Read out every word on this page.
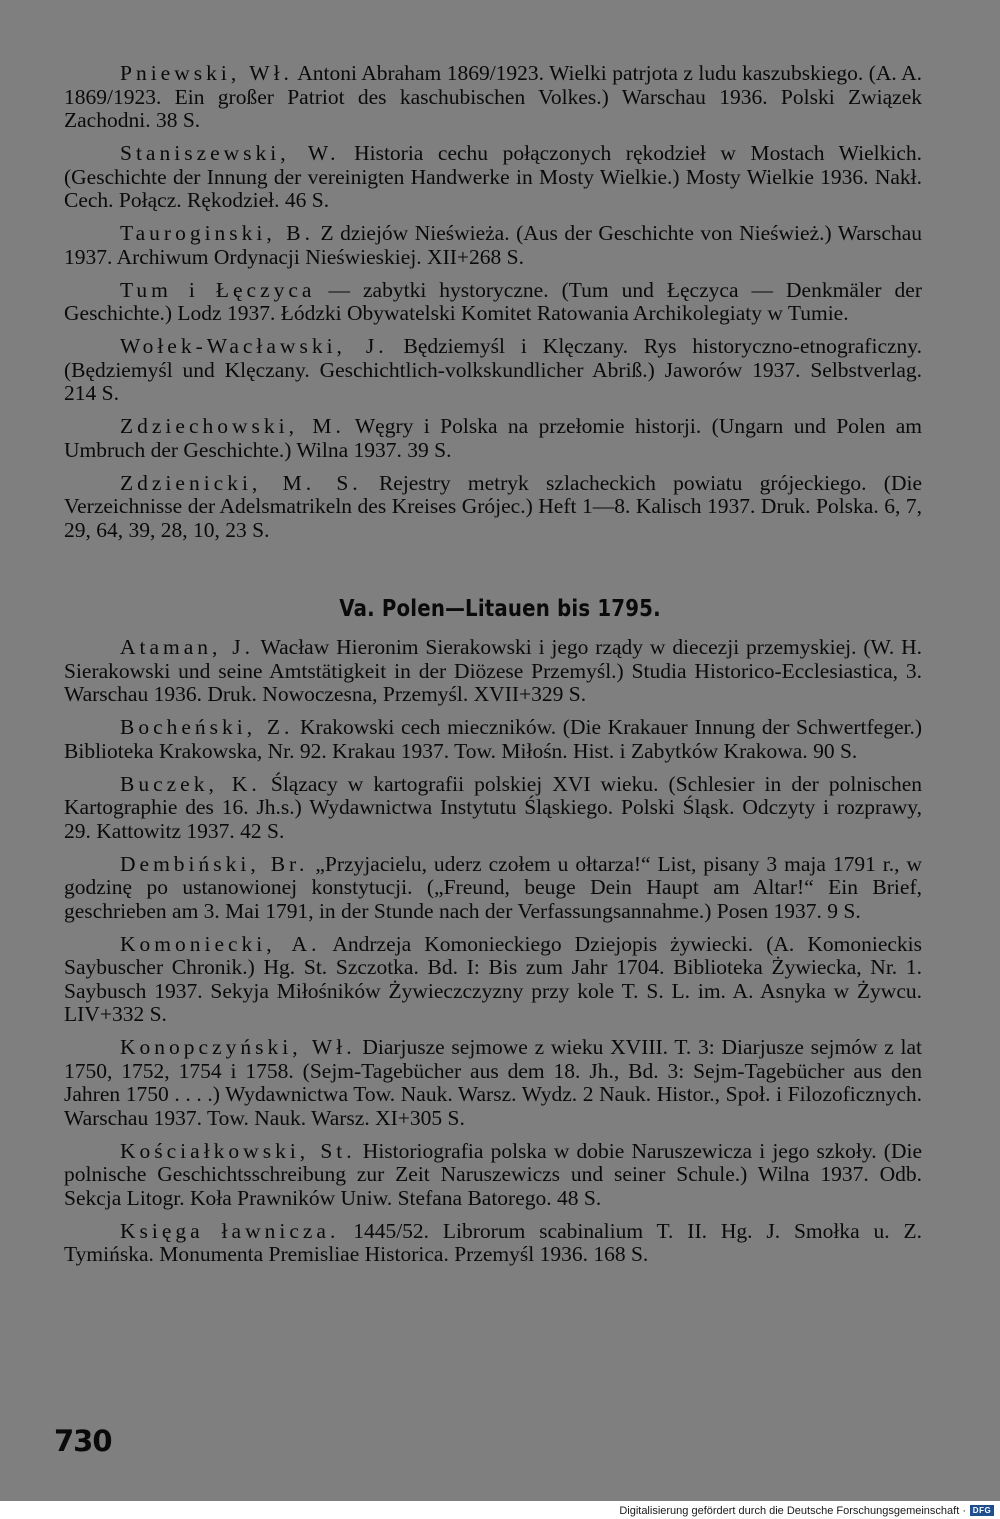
Pniewski, Wł. Antoni Abraham 1869/1923. Wielki patrjota z ludu kaszubskiego. (A. A. 1869/1923. Ein großer Patriot des kaschubischen Volkes.) Warschau 1936. Polski Związek Zachodni. 38 S.

Staniszewski, W. Historia cechu połączonych rękodzieł w Mostach Wielkich. (Geschichte der Innung der vereinigten Handwerke in Mosty Wielkie.) Mosty Wielkie 1936. Nakł. Cech. Połącz. Rękodzieł. 46 S.

Tauroginski, B. Z dziejów Nieświeża. (Aus der Geschichte von Nieśwież.) Warschau 1937. Archiwum Ordynacji Nieświeskiej. XII+268 S.

Tum i Łęczyca — zabytki hystoryczne. (Tum und Łęczyca — Denkmäler der Geschichte.) Lodz 1937. Łódzki Obywatelski Komitet Ratowania Archikolegiaty w Tumie.

Wołek-Wacławski, J. Będziemyśl i Klęczany. Rys historyczno-etnograficzny. (Będziemyśl und Klęczany. Geschichtlich-volkskundlicher Abriß.) Jaworów 1937. Selbstverlag. 214 S.

Zdziechowski, M. Węgry i Polska na przełomie historji. (Ungarn und Polen am Umbruch der Geschichte.) Wilna 1937. 39 S.

Zdzienicki, M. S. Rejestry metryk szlacheckich powiatu grójeckiego. (Die Verzeichnisse der Adelsmatrikeln des Kreises Grójec.) Heft 1—8. Kalisch 1937. Druk. Polska. 6, 7, 29, 64, 39, 28, 10, 23 S.

Va. Polen—Litauen bis 1795.

Ataman, J. Wacław Hieronim Sierakowski i jego rządy w diecezji przemyskiej. (W. H. Sierakowski und seine Amtstätigkeit in der Diözese Przemyśl.) Studia Historico-Ecclesiastica, 3. Warschau 1936. Druk. Nowoczesna, Przemyśl. XVII+329 S.

Bocheński, Z. Krakowski cech mieczników. (Die Krakauer Innung der Schwertfeger.) Biblioteka Krakowska, Nr. 92. Krakau 1937. Tow. Miłośn. Hist. i Zabytków Krakowa. 90 S.

Buczek, K. Ślązacy w kartografii polskiej XVI wieku. (Schlesier in der polnischen Kartographie des 16. Jh.s.) Wydawnictwa Instytutu Śląskiego. Polski Śląsk. Odczyty i rozprawy, 29. Kattowitz 1937. 42 S.

Dembiński, Br. „Przyjacielu, uderz czołem u ołtarza!“ List, pisany 3 maja 1791 r., w godzinę po ustanowionej konstytucji. („Freund, beuge Dein Haupt am Altar!“ Ein Brief, geschrieben am 3. Mai 1791, in der Stunde nach der Verfassungsannahme.) Posen 1937. 9 S.

Komoniecki, A. Andrzeja Komonieckiego Dziejopis żywiecki. (A. Komonieckis Saybuscher Chronik.) Hg. St. Szczotka. Bd. I: Bis zum Jahr 1704. Biblioteka Żywiecka, Nr. 1. Saybusch 1937. Sekyja Miłośników Żywieczczyzny przy kole T. S. L. im. A. Asnyka w Żywcu. LIV+332 S.

Konopczyński, Wł. Diarjusze sejmowe z wieku XVIII. T. 3: Diarjusze sejmów z lat 1750, 1752, 1754 i 1758. (Sejm-Tagebücher aus dem 18. Jh., Bd. 3: Sejm-Tagebücher aus den Jahren 1750 . . . .) Wydawnictwa Tow. Nauk. Warsz. Wydz. 2 Nauk. Histor., Społ. i Filozoficznych. Warschau 1937. Tow. Nauk. Warsz. XI+305 S.

Kościałkowski, St. Historiografia polska w dobie Naruszewicza i jego szkoły. (Die polnische Geschichtsschreibung zur Zeit Naruszewiczs und seiner Schule.) Wilna 1937. Odb. Sekcja Litogr. Koła Prawników Uniw. Stefana Batorego. 48 S.

Księga ławnicza. 1445/52. Librorum scabinalium T. II. Hg. J. Smołka u. Z. Tymińska. Monumenta Premisliae Historica. Przemyśl 1936. 168 S.

730
Digitalisierung gefördert durch die Deutsche Forschungsgemeinschaft · DFG
